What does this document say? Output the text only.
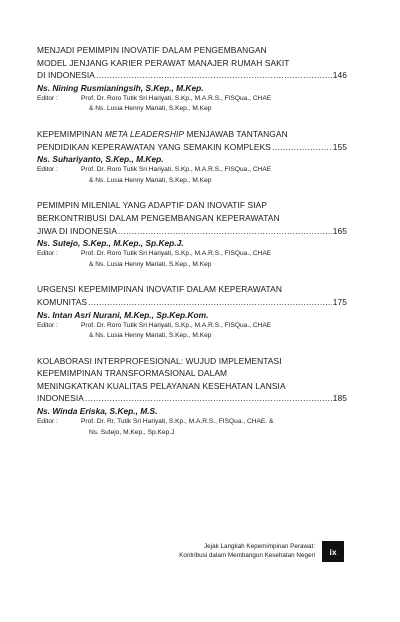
MENJADI PEMIMPIN INOVATIF DALAM PENGEMBANGAN
MODEL JENJANG KARIER PERAWAT MANAJER RUMAH SAKIT
DI INDONESIA .....	146
Ns. Nining Rusmianingsih, S.Kep., M.Kep.
Editor :	Prof. Dr. Roro Tutik Sri Hariyati, S.Kp., M.A.R.S., FISQua., CHAE
& Ns. Lusia Henny Mariati, S.Kep., M.Kep
KEPEMIMPINAN META LEADERSHIP MENJAWAB TANTANGAN
PENDIDIKAN KEPERAWATAN YANG SEMAKIN KOMPLEKS .....	155
Ns. Suhariyanto, S.Kep., M.Kep.
Editor :	Prof. Dr. Roro Tutik Sri Hariyati, S.Kp., M.A.R.S., FISQua., CHAE
& Ns. Lusia Henny Mariati, S.Kep., M.Kep
PEMIMPIN MILENIAL YANG ADAPTIF DAN INOVATIF SIAP
BERKONTRIBUSI DALAM PENGEMBANGAN KEPERAWATAN
JIWA DI INDONESIA .....	165
Ns. Sutejo, S.Kep., M.Kep., Sp.Kep.J.
Editor :	Prof. Dr. Roro Tutik Sri Hariyati, S.Kp., M.A.R.S., FISQua., CHAE
& Ns. Lusia Henny Mariati, S.Kep., M.Kep
URGENSI KEPEMIMPINAN INOVATIF DALAM KEPERAWATAN
KOMUNITAS .....	175
Ns. Intan Asri Nurani, M.Kep., Sp.Kep.Kom.
Editor :	Prof. Dr. Roro Tutik Sri Hariyati, S.Kp., M.A.R.S., FISQua., CHAE
& Ns. Lusia Henny Mariati, S.Kep., M.Kep
KOLABORASI INTERPROFESIONAL: WUJUD IMPLEMENTASI
KEPEMIMPINAN TRANSFORMASIONAL DALAM
MENINGKATKAN KUALITAS PELAYANAN KESEHATAN LANSIA
INDONESIA .....	185
Ns. Winda Eriska, S.Kep., M.S.
Editor :	Prof. Dr. Rr. Tutik Sri Hariyati, S.Kp., M.A.R.S., FISQua., CHAE. &
Ns. Sutejo, M.Kep., Sp.Kep.J
Jejak Langkah Kepemimpinan Perawat:
Kontribusi dalam Membangun Kesehatan Negeri	ix
